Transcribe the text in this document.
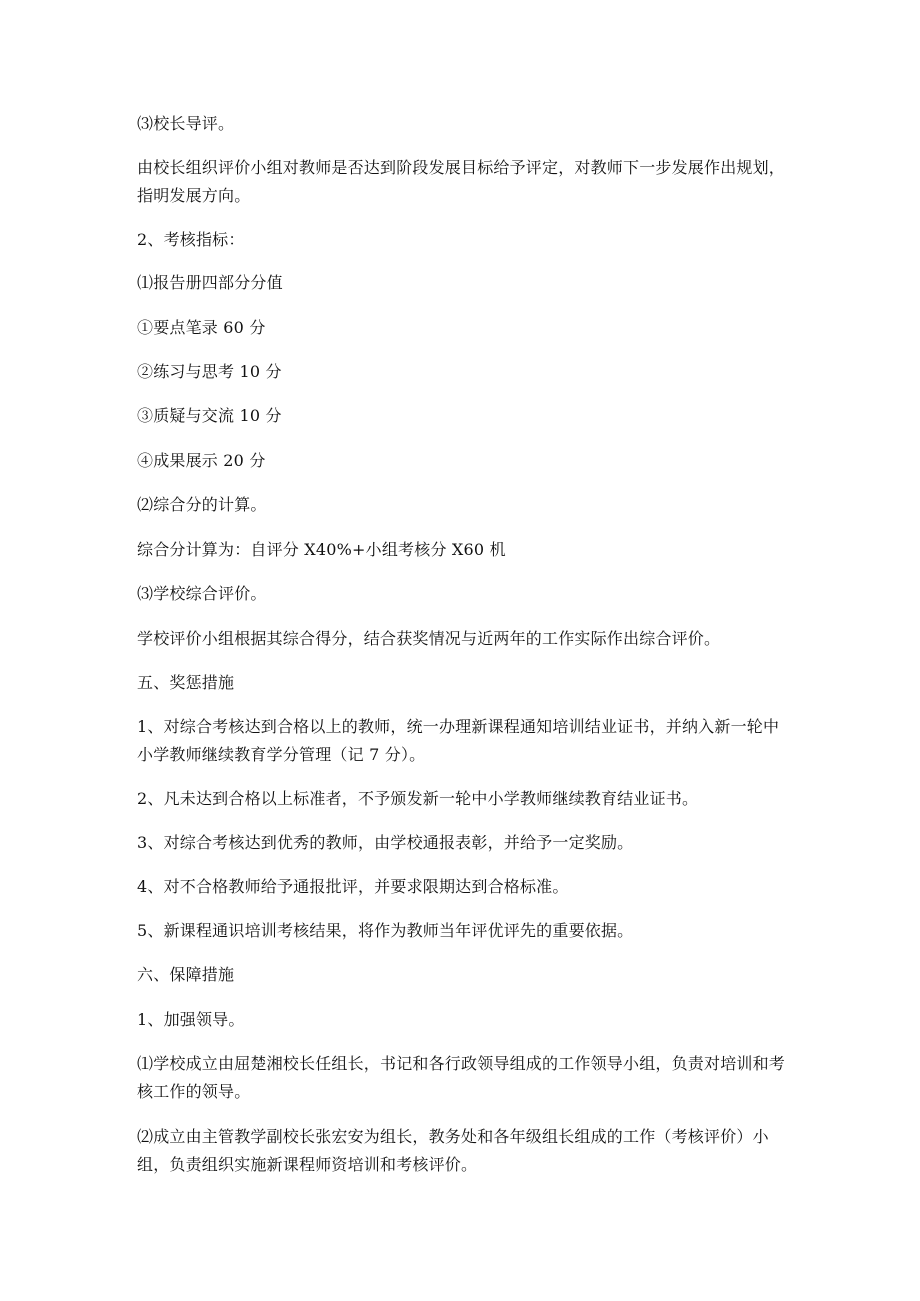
⑶校长导评。
由校长组织评价小组对教师是否达到阶段发展目标给予评定，对教师下一步发展作出规划，指明发展方向。
2、考核指标：
⑴报告册四部分分值
①要点笔录 60 分
②练习与思考 10 分
③质疑与交流 10 分
④成果展示 20 分
⑵综合分的计算。
综合分计算为：自评分 X40%+小组考核分 X60 机
⑶学校综合评价。
学校评价小组根据其综合得分，结合获奖情况与近两年的工作实际作出综合评价。
五、奖惩措施
1、对综合考核达到合格以上的教师，统一办理新课程通知培训结业证书，并纳入新一轮中小学教师继续教育学分管理（记 7 分）。
2、凡未达到合格以上标准者，不予颁发新一轮中小学教师继续教育结业证书。
3、对综合考核达到优秀的教师，由学校通报表彰，并给予一定奖励。
4、对不合格教师给予通报批评，并要求限期达到合格标准。
5、新课程通识培训考核结果，将作为教师当年评优评先的重要依据。
六、保障措施
1、加强领导。
⑴学校成立由屈楚湘校长任组长，书记和各行政领导组成的工作领导小组，负责对培训和考核工作的领导。
⑵成立由主管教学副校长张宏安为组长，教务处和各年级组长组成的工作（考核评价）小组，负责组织实施新课程师资培训和考核评价。
